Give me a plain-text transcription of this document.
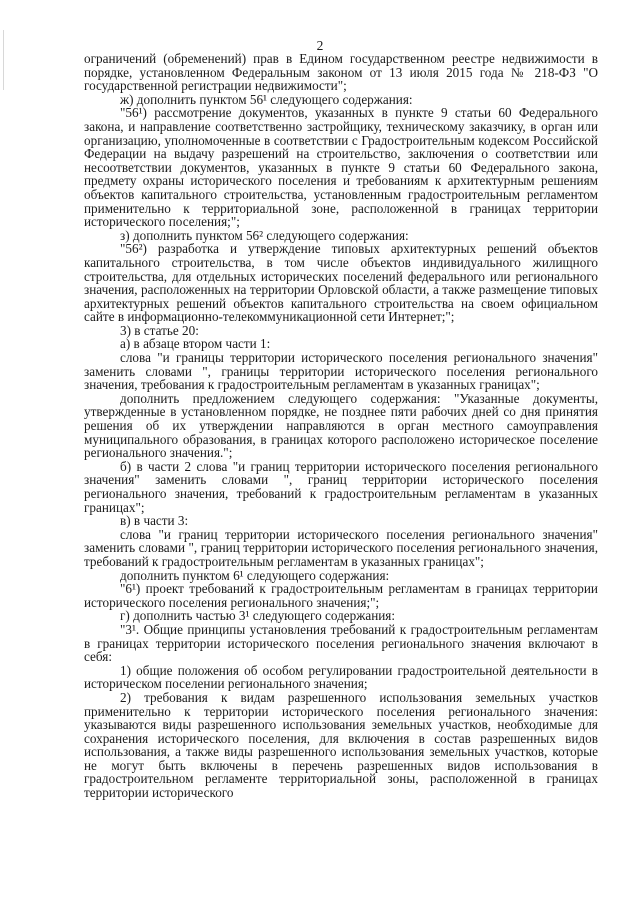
2

ограничений (обременений) прав в Едином государственном реестре недвижимости в порядке, установленном Федеральным законом от 13 июля 2015 года № 218-ФЗ "О государственной регистрации недвижимости";

ж) дополнить пунктом 56¹ следующего содержания:

"56¹) рассмотрение документов, указанных в пункте 9 статьи 60 Федерального закона, и направление соответственно застройщику, техническому заказчику, в орган или организацию, уполномоченные в соответствии с Градостроительным кодексом Российской Федерации на выдачу разрешений на строительство, заключения о соответствии или несоответствии документов, указанных в пункте 9 статьи 60 Федерального закона, предмету охраны исторического поселения и требованиям к архитектурным решениям объектов капитального строительства, установленным градостроительным регламентом применительно к территориальной зоне, расположенной в границах территории исторического поселения;";

з) дополнить пунктом 56² следующего содержания:

"56²) разработка и утверждение типовых архитектурных решений объектов капитального строительства, в том числе объектов индивидуального жилищного строительства, для отдельных исторических поселений федерального или регионального значения, расположенных на территории Орловской области, а также размещение типовых архитектурных решений объектов капитального строительства на своем официальном сайте в информационно-телекоммуникационной сети Интернет;";

3) в статье 20:

а) в абзаце втором части 1:

слова "и границы территории исторического поселения регионального значения" заменить словами ", границы территории исторического поселения регионального значения, требования к градостроительным регламентам в указанных границах";

дополнить предложением следующего содержания: "Указанные документы, утвержденные в установленном порядке, не позднее пяти рабочих дней со дня принятия решения об их утверждении направляются в орган местного самоуправления муниципального образования, в границах которого расположено историческое поселение регионального значения.";

б) в части 2 слова "и границ территории исторического поселения регионального значения" заменить словами ", границ территории исторического поселения регионального значения, требований к градостроительным регламентам в указанных границах";

в) в части 3:

слова "и границ территории исторического поселения регионального значения" заменить словами ", границ территории исторического поселения регионального значения, требований к градостроительным регламентам в указанных границах";

дополнить пунктом 6¹ следующего содержания:

"6¹) проект требований к градостроительным регламентам в границах территории исторического поселения регионального значения;";

г) дополнить частью 3¹ следующего содержания:

"3¹. Общие принципы установления требований к градостроительным регламентам в границах территории исторического поселения регионального значения включают в себя:

1) общие положения об особом регулировании градостроительной деятельности в историческом поселении регионального значения;

2) требования к видам разрешенного использования земельных участков применительно к территории исторического поселения регионального значения: указываются виды разрешенного использования земельных участков, необходимые для сохранения исторического поселения, для включения в состав разрешенных видов использования, а также виды разрешенного использования земельных участков, которые не могут быть включены в перечень разрешенных видов использования в градостроительном регламенте территориальной зоны, расположенной в границах территории исторического
